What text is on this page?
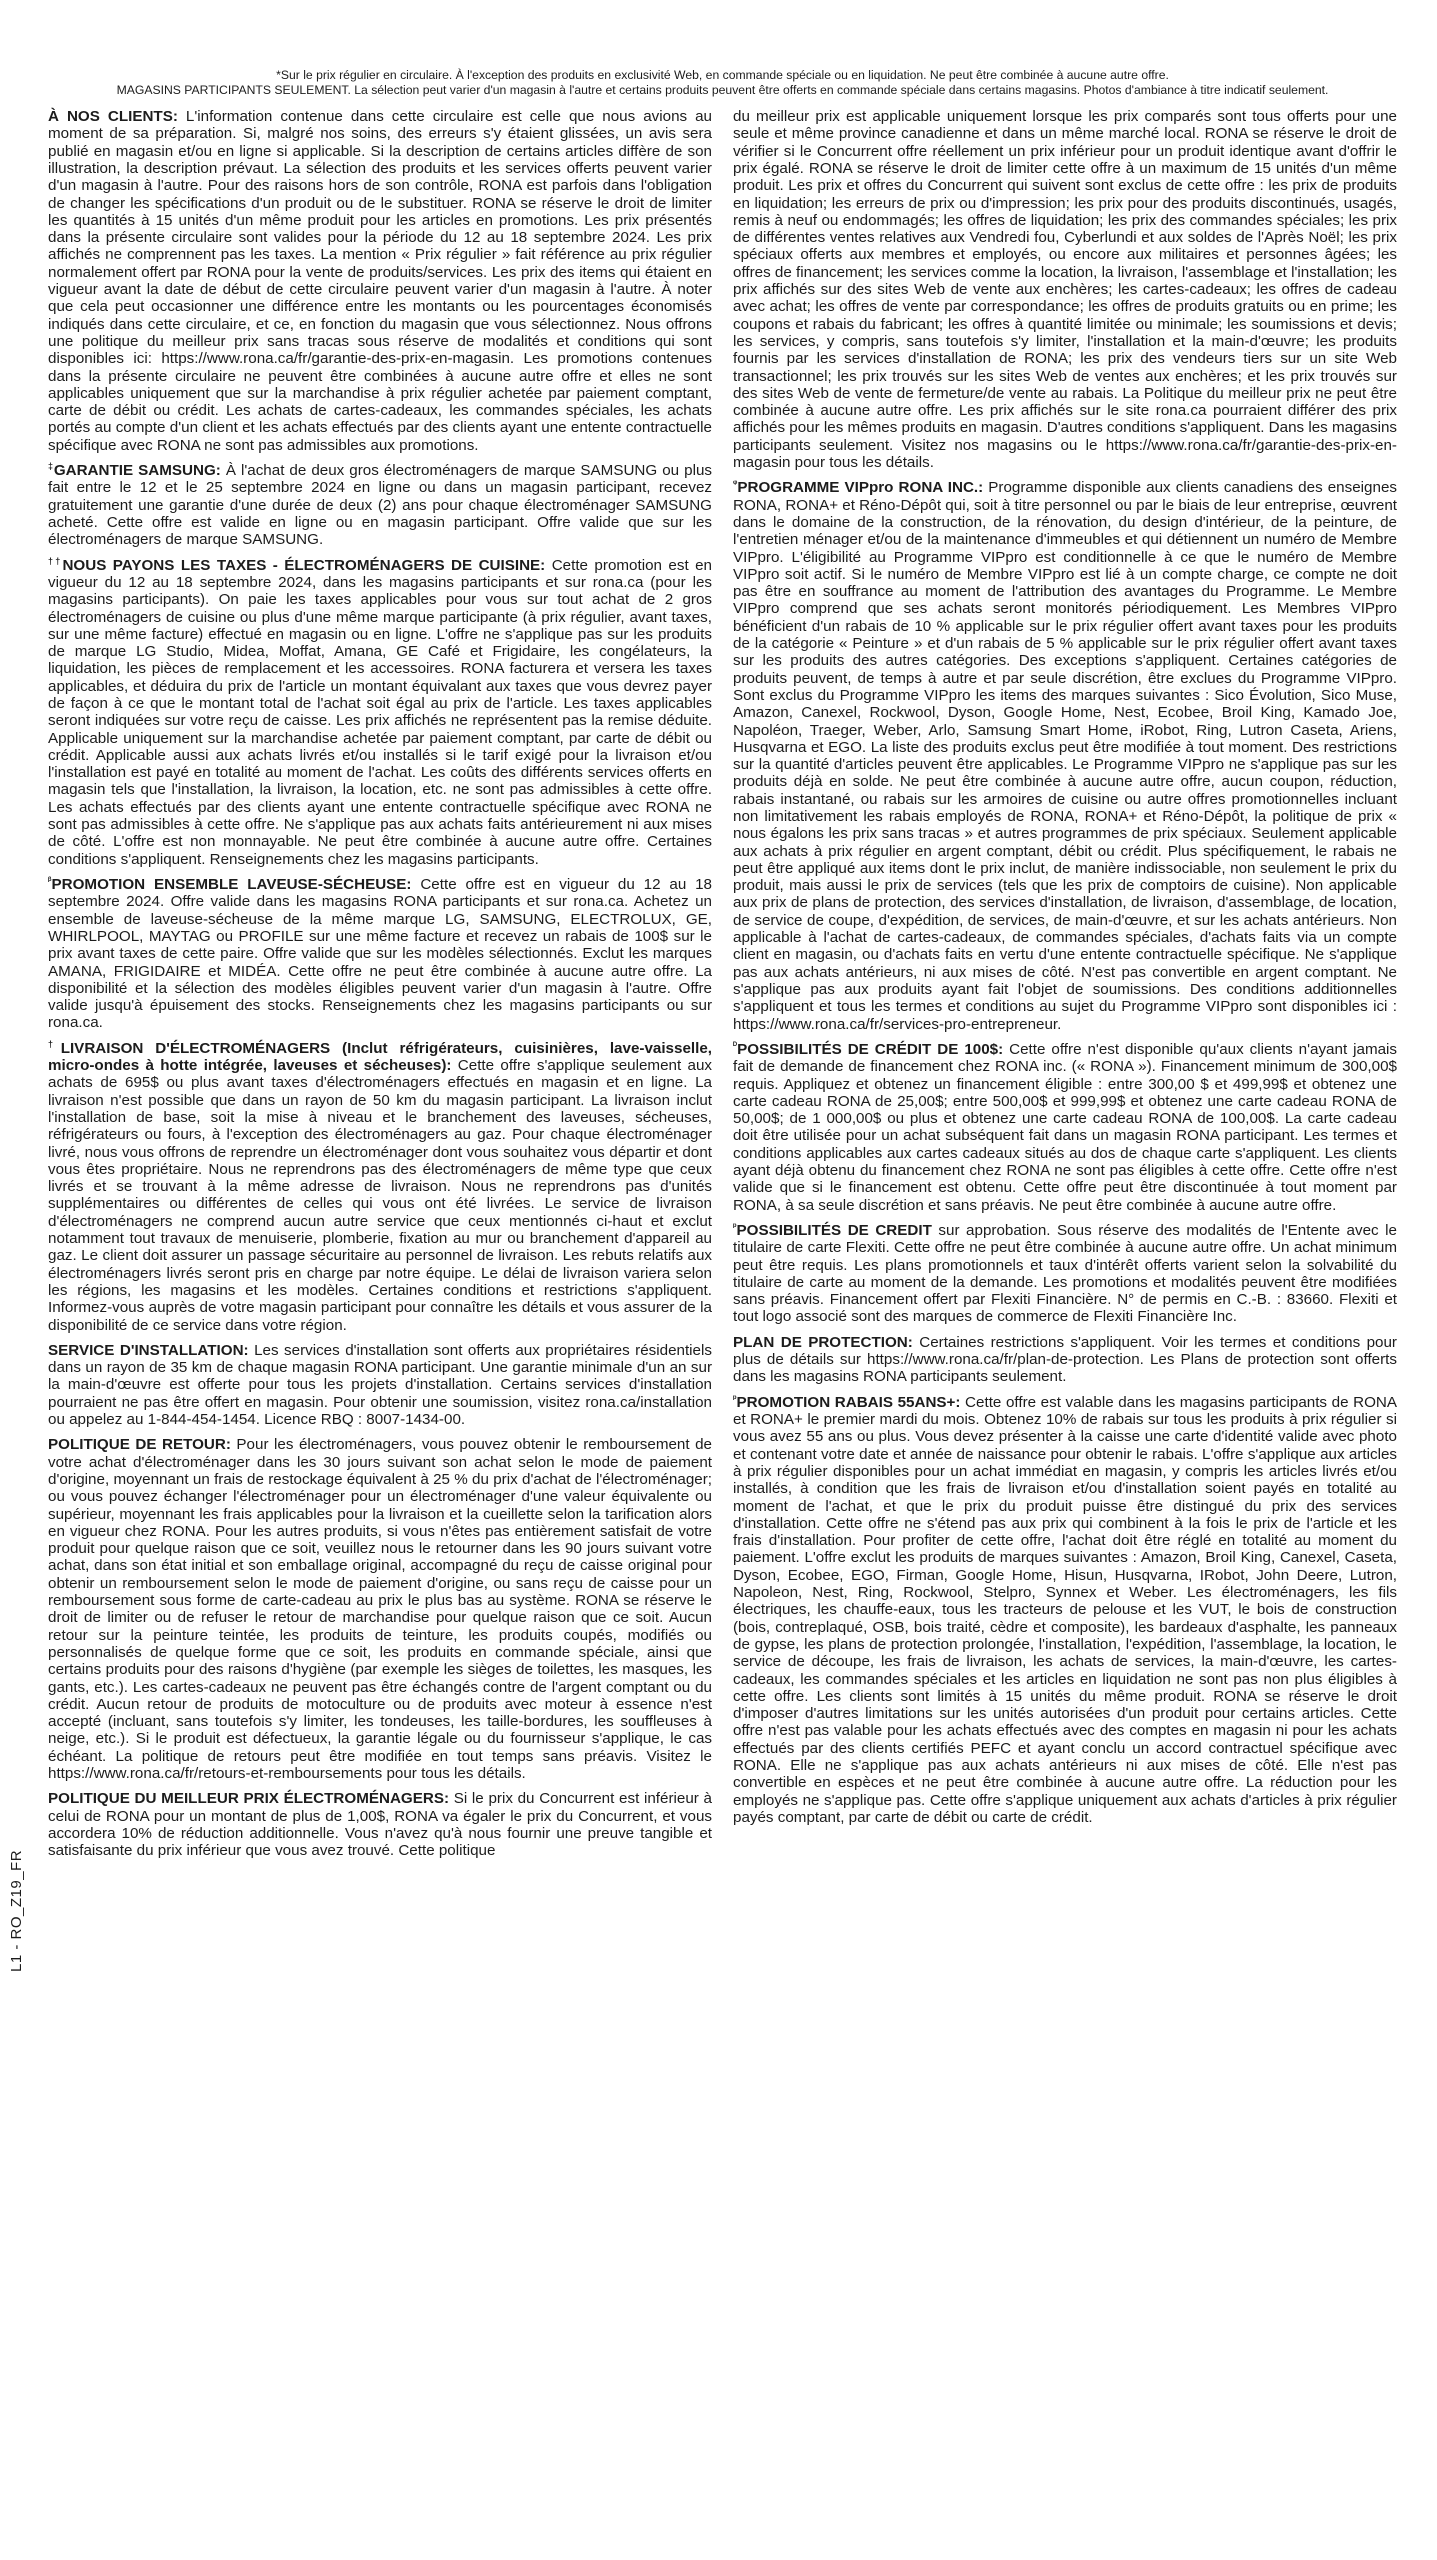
*Sur le prix régulier en circulaire. À l'exception des produits en exclusivité Web, en commande spéciale ou en liquidation. Ne peut être combinée à aucune autre offre.
MAGASINS PARTICIPANTS SEULEMENT. La sélection peut varier d'un magasin à l'autre et certains produits peuvent être offerts en commande spéciale dans certains magasins. Photos d'ambiance à titre indicatif seulement.

À NOS CLIENTS: L'information contenue dans cette circulaire est celle que nous avions au moment de sa préparation. Si, malgré nos soins, des erreurs s'y étaient glissées, un avis sera publié en magasin et/ou en ligne si applicable. Si la description de certains articles diffère de son illustration, la description prévaut. La sélection des produits et les services offerts peuvent varier d'un magasin à l'autre. Pour des raisons hors de son contrôle, RONA est parfois dans l'obligation de changer les spécifications d'un produit ou de le substituer. RONA se réserve le droit de limiter les quantités à 15 unités d'un même produit pour les articles en promotions. Les prix présentés dans la présente circulaire sont valides pour la période du 12 au 18 septembre 2024. Les prix affichés ne comprennent pas les taxes. La mention « Prix régulier » fait référence au prix régulier normalement offert par RONA pour la vente de produits/services. Les prix des items qui étaient en vigueur avant la date de début de cette circulaire peuvent varier d'un magasin à l'autre. À noter que cela peut occasionner une différence entre les montants ou les pourcentages économisés indiqués dans cette circulaire, et ce, en fonction du magasin que vous sélectionnez. Nous offrons une politique du meilleur prix sans tracas sous réserve de modalités et conditions qui sont disponibles ici: https://www.rona.ca/fr/garantie-des-prix-en-magasin. Les promotions contenues dans la présente circulaire ne peuvent être combinées à aucune autre offre et elles ne sont applicables uniquement que sur la marchandise à prix régulier achetée par paiement comptant, carte de débit ou crédit. Les achats de cartes-cadeaux, les commandes spéciales, les achats portés au compte d'un client et les achats effectués par des clients ayant une entente contractuelle spécifique avec RONA ne sont pas admissibles aux promotions.

‡GARANTIE SAMSUNG: À l'achat de deux gros électroménagers de marque SAMSUNG ou plus fait entre le 12 et le 25 septembre 2024 en ligne ou dans un magasin participant, recevez gratuitement une garantie d'une durée de deux (2) ans pour chaque électroménager SAMSUNG acheté. Cette offre est valide en ligne ou en magasin participant. Offre valide que sur les électroménagers de marque SAMSUNG.

††NOUS PAYONS LES TAXES - ÉLECTROMÉNAGERS DE CUISINE: Cette promotion est en vigueur du 12 au 18 septembre 2024, dans les magasins participants et sur rona.ca (pour les magasins participants). On paie les taxes applicables pour vous sur tout achat de 2 gros électroménagers de cuisine ou plus d'une même marque participante (à prix régulier, avant taxes, sur une même facture) effectué en magasin ou en ligne. L'offre ne s'applique pas sur les produits de marque LG Studio, Midea, Moffat, Amana, GE Café et Frigidaire, les congélateurs, la liquidation, les pièces de remplacement et les accessoires. RONA facturera et versera les taxes applicables, et déduira du prix de l'article un montant équivalant aux taxes que vous devrez payer de façon à ce que le montant total de l'achat soit égal au prix de l'article. Les taxes applicables seront indiquées sur votre reçu de caisse. Les prix affichés ne représentent pas la remise déduite. Applicable uniquement sur la marchandise achetée par paiement comptant, par carte de débit ou crédit. Applicable aussi aux achats livrés et/ou installés si le tarif exigé pour la livraison et/ou l'installation est payé en totalité au moment de l'achat. Les coûts des différents services offerts en magasin tels que l'installation, la livraison, la location, etc. ne sont pas admissibles à cette offre. Les achats effectués par des clients ayant une entente contractuelle spécifique avec RONA ne sont pas admissibles à cette offre. Ne s'applique pas aux achats faits antérieurement ni aux mises de côté. L'offre est non monnayable. Ne peut être combinée à aucune autre offre. Certaines conditions s'appliquent. Renseignements chez les magasins participants.

$^ᵝ$PROMOTION ENSEMBLE LAVEUSE-SÉCHEUSE: Cette offre est en vigueur du 12 au 18 septembre 2024. Offre valide dans les magasins RONA participants et sur rona.ca. Achetez un ensemble de laveuse-sécheuse de la même marque LG, SAMSUNG, ELECTROLUX, GE, WHIRLPOOL, MAYTAG ou PROFILE sur une même facture et recevez un rabais de 100$ sur le prix avant taxes de cette paire. Offre valide que sur les modèles sélectionnés. Exclut les marques AMANA, FRIGIDAIRE et MIDÉA. Cette offre ne peut être combinée à aucune autre offre. La disponibilité et la sélection des modèles éligibles peuvent varier d'un magasin à l'autre. Offre valide jusqu'à épuisement des stocks. Renseignements chez les magasins participants ou sur rona.ca.

†LIVRAISON D'ÉLECTROMÉNAGERS (Inclut réfrigérateurs, cuisinières, lave-vaisselle, micro-ondes à hotte intégrée, laveuses et sécheuses): Cette offre s'applique seulement aux achats de 695$ ou plus avant taxes d'électroménagers effectués en magasin et en ligne. La livraison n'est possible que dans un rayon de 50 km du magasin participant. La livraison inclut l'installation de base, soit la mise à niveau et le branchement des laveuses, sécheuses, réfrigérateurs ou fours, à l'exception des électroménagers au gaz. Pour chaque électroménager livré, nous vous offrons de reprendre un électroménager dont vous souhaitez vous départir et dont vous êtes propriétaire. Nous ne reprendrons pas des électroménagers de même type que ceux livrés et se trouvant à la même adresse de livraison. Nous ne reprendrons pas d'unités supplémentaires ou différentes de celles qui vous ont été livrées. Le service de livraison d'électroménagers ne comprend aucun autre service que ceux mentionnés ci-haut et exclut notamment tout travaux de menuiserie, plomberie, fixation au mur ou branchement d'appareil au gaz. Le client doit assurer un passage sécuritaire au personnel de livraison. Les rebuts relatifs aux électroménagers livrés seront pris en charge par notre équipe. Le délai de livraison variera selon les régions, les magasins et les modèles. Certaines conditions et restrictions s'appliquent. Informez-vous auprès de votre magasin participant pour connaître les détails et vous assurer de la disponibilité de ce service dans votre région.

SERVICE D'INSTALLATION: Les services d'installation sont offerts aux propriétaires résidentiels dans un rayon de 35 km de chaque magasin RONA participant. Une garantie minimale d'un an sur la main-d'œuvre est offerte pour tous les projets d'installation. Certains services d'installation pourraient ne pas être offert en magasin. Pour obtenir une soumission, visitez rona.ca/installation ou appelez au 1-844-454-1454. Licence RBQ : 8007-1434-00.

POLITIQUE DE RETOUR: Pour les électroménagers, vous pouvez obtenir le remboursement de votre achat d'électroménager dans les 30 jours suivant son achat selon le mode de paiement d'origine, moyennant un frais de restockage équivalent à 25 % du prix d'achat de l'électroménager; ou vous pouvez échanger l'électroménager pour un électroménager d'une valeur équivalente ou supérieur, moyennant les frais applicables pour la livraison et la cueillette selon la tarification alors en vigueur chez RONA. Pour les autres produits, si vous n'êtes pas entièrement satisfait de votre produit pour quelque raison que ce soit, veuillez nous le retourner dans les 90 jours suivant votre achat, dans son état initial et son emballage original, accompagné du reçu de caisse original pour obtenir un remboursement selon le mode de paiement d'origine, ou sans reçu de caisse pour un remboursement sous forme de carte-cadeau au prix le plus bas au système. RONA se réserve le droit de limiter ou de refuser le retour de marchandise pour quelque raison que ce soit. Aucun retour sur la peinture teintée, les produits de teinture, les produits coupés, modifiés ou personnalisés de quelque forme que ce soit, les produits en commande spéciale, ainsi que certains produits pour des raisons d'hygiène (par exemple les sièges de toilettes, les masques, les gants, etc.). Les cartes-cadeaux ne peuvent pas être échangés contre de l'argent comptant ou du crédit. Aucun retour de produits de motoculture ou de produits avec moteur à essence n'est accepté (incluant, sans toutefois s'y limiter, les tondeuses, les taille-bordures, les souffleuses à neige, etc.). Si le produit est défectueux, la garantie légale ou du fournisseur s'applique, le cas échéant. La politique de retours peut être modifiée en tout temps sans préavis. Visitez le https://www.rona.ca/fr/retours-et-remboursements pour tous les détails.

POLITIQUE DU MEILLEUR PRIX ÉLECTROMÉNAGERS: Si le prix du Concurrent est inférieur à celui de RONA pour un montant de plus de 1,00$, RONA va égaler le prix du Concurrent, et vous accordera 10% de réduction additionnelle. Vous n'avez qu'à nous fournir une preuve tangible et satisfaisante du prix inférieur que vous avez trouvé. Cette politique

du meilleur prix est applicable uniquement lorsque les prix comparés sont tous offerts pour une seule et même province canadienne et dans un même marché local. RONA se réserve le droit de vérifier si le Concurrent offre réellement un prix inférieur pour un produit identique avant d'offrir le prix égalé. RONA se réserve le droit de limiter cette offre à un maximum de 15 unités d'un même produit. Les prix et offres du Concurrent qui suivent sont exclus de cette offre : les prix de produits en liquidation; les erreurs de prix ou d'impression; les prix pour des produits discontinués, usagés, remis à neuf ou endommagés; les offres de liquidation; les prix des commandes spéciales; les prix de différentes ventes relatives aux Vendredi fou, Cyberlundi et aux soldes de l'Après Noël; les prix spéciaux offerts aux membres et employés, ou encore aux militaires et personnes âgées; les offres de financement; les services comme la location, la livraison, l'assemblage et l'installation; les prix affichés sur des sites Web de vente aux enchères; les cartes-cadeaux; les offres de cadeau avec achat; les offres de vente par correspondance; les offres de produits gratuits ou en prime; les coupons et rabais du fabricant; les offres à quantité limitée ou minimale; les soumissions et devis; les services, y compris, sans toutefois s'y limiter, l'installation et la main-d'œuvre; les produits fournis par les services d'installation de RONA; les prix des vendeurs tiers sur un site Web transactionnel; les prix trouvés sur les sites Web de ventes aux enchères; et les prix trouvés sur des sites Web de vente de fermeture/de vente au rabais. La Politique du meilleur prix ne peut être combinée à aucune autre offre. Les prix affichés sur le site rona.ca pourraient différer des prix affichés pour les mêmes produits en magasin. D'autres conditions s'appliquent. Dans les magasins participants seulement. Visitez nos magasins ou le https://www.rona.ca/fr/garantie-des-prix-en-magasin pour tous les détails.

$^ᵠ$PROGRAMME VIPpro RONA INC.: Programme disponible aux clients canadiens des enseignes RONA, RONA+ et Réno-Dépôt qui, soit à titre personnel ou par le biais de leur entreprise, œuvrent dans le domaine de la construction, de la rénovation, du design d'intérieur, de la peinture, de l'entretien ménager et/ou de la maintenance d'immeubles et qui détiennent un numéro de Membre VIPpro. L'éligibilité au Programme VIPpro est conditionnelle à ce que le numéro de Membre VIPpro soit actif. Si le numéro de Membre VIPpro est lié à un compte charge, ce compte ne doit pas être en souffrance au moment de l'attribution des avantages du Programme. Le Membre VIPpro comprend que ses achats seront monitorés périodiquement. Les Membres VIPpro bénéficient d'un rabais de 10 % applicable sur le prix régulier offert avant taxes pour les produits de la catégorie « Peinture » et d'un rabais de 5 % applicable sur le prix régulier offert avant taxes sur les produits des autres catégories. Des exceptions s'appliquent. Certaines catégories de produits peuvent, de temps à autre et par seule discrétion, être exclues du Programme VIPpro. Sont exclus du Programme VIPpro les items des marques suivantes : Sico Évolution, Sico Muse, Amazon, Canexel, Rockwool, Dyson, Google Home, Nest, Ecobee, Broil King, Kamado Joe, Napoléon, Traeger, Weber, Arlo, Samsung Smart Home, iRobot, Ring, Lutron Caseta, Ariens, Husqvarna et EGO. La liste des produits exclus peut être modifiée à tout moment. Des restrictions sur la quantité d'articles peuvent être applicables. Le Programme VIPpro ne s'applique pas sur les produits déjà en solde. Ne peut être combinée à aucune autre offre, aucun coupon, réduction, rabais instantané, ou rabais sur les armoires de cuisine ou autre offres promotionnelles incluant non limitativement les rabais employés de RONA, RONA+ et Réno-Dépôt, la politique de prix « nous égalons les prix sans tracas » et autres programmes de prix spéciaux. Seulement applicable aux achats à prix régulier en argent comptant, débit ou crédit. Plus spécifiquement, le rabais ne peut être appliqué aux items dont le prix inclut, de manière indissociable, non seulement le prix du produit, mais aussi le prix de services (tels que les prix de comptoirs de cuisine). Non applicable aux prix de plans de protection, des services d'installation, de livraison, d'assemblage, de location, de service de coupe, d'expédition, de services, de main-d'œuvre, et sur les achats antérieurs. Non applicable à l'achat de cartes-cadeaux, de commandes spéciales, d'achats faits via un compte client en magasin, ou d'achats faits en vertu d'une entente contractuelle spécifique. Ne s'applique pas aux achats antérieurs, ni aux mises de côté. N'est pas convertible en argent comptant. Ne s'applique pas aux produits ayant fait l'objet de soumissions. Des conditions additionnelles s'appliquent et tous les termes et conditions au sujet du Programme VIPpro sont disponibles ici : https://www.rona.ca/fr/services-pro-entrepreneur.

$^ᴰ$POSSIBILITÉS DE CRÉDIT DE 100$: Cette offre n'est disponible qu'aux clients n'ayant jamais fait de demande de financement chez RONA inc. (« RONA »). Financement minimum de 300,00$ requis. Appliquez et obtenez un financement éligible : entre 300,00 $ et 499,99$ et obtenez une carte cadeau RONA de 25,00$; entre 500,00$ et 999,99$ et obtenez une carte cadeau RONA de 50,00$; de 1 000,00$ ou plus et obtenez une carte cadeau RONA de 100,00$. La carte cadeau doit être utilisée pour un achat subséquent fait dans un magasin RONA participant. Les termes et conditions applicables aux cartes cadeaux situés au dos de chaque carte s'appliquent. Les clients ayant déjà obtenu du financement chez RONA ne sont pas éligibles à cette offre. Cette offre n'est valide que si le financement est obtenu. Cette offre peut être discontinuée à tout moment par RONA, à sa seule discrétion et sans préavis. Ne peut être combinée à aucune autre offre.

$^ᵖ$POSSIBILITÉS DE CREDIT sur approbation. Sous réserve des modalités de l'Entente avec le titulaire de carte Flexiti. Cette offre ne peut être combinée à aucune autre offre. Un achat minimum peut être requis. Les plans promotionnels et taux d'intérêt offerts varient selon la solvabilité du titulaire de carte au moment de la demande. Les promotions et modalités peuvent être modifiées sans préavis. Financement offert par Flexiti Financière. N° de permis en C.-B. : 83660. Flexiti et tout logo associé sont des marques de commerce de Flexiti Financière Inc.

PLAN DE PROTECTION: Certaines restrictions s'appliquent. Voir les termes et conditions pour plus de détails sur https://www.rona.ca/fr/plan-de-protection. Les Plans de protection sont offerts dans les magasins RONA participants seulement.

$^ᵖ$PROMOTION RABAIS 55ANS+: Cette offre est valable dans les magasins participants de RONA et RONA+ le premier mardi du mois. Obtenez 10% de rabais sur tous les produits à prix régulier si vous avez 55 ans ou plus. Vous devez présenter à la caisse une carte d'identité valide avec photo et contenant votre date et année de naissance pour obtenir le rabais. L'offre s'applique aux articles à prix régulier disponibles pour un achat immédiat en magasin, y compris les articles livrés et/ou installés, à condition que les frais de livraison et/ou d'installation soient payés en totalité au moment de l'achat, et que le prix du produit puisse être distingué du prix des services d'installation. Cette offre ne s'étend pas aux prix qui combinent à la fois le prix de l'article et les frais d'installation. Pour profiter de cette offre, l'achat doit être réglé en totalité au moment du paiement. L'offre exclut les produits de marques suivantes : Amazon, Broil King, Canexel, Caseta, Dyson, Ecobee, EGO, Firman, Google Home, Hisun, Husqvarna, IRobot, John Deere, Lutron, Napoleon, Nest, Ring, Rockwool, Stelpro, Synnex et Weber. Les électroménagers, les fils électriques, les chauffe-eaux, tous les tracteurs de pelouse et les VUT, le bois de construction (bois, contreplaqué, OSB, bois traité, cèdre et composite), les bardeaux d'asphalte, les panneaux de gypse, les plans de protection prolongée, l'installation, l'expédition, l'assemblage, la location, le service de découpe, les frais de livraison, les achats de services, la main-d'œuvre, les cartes-cadeaux, les commandes spéciales et les articles en liquidation ne sont pas non plus éligibles à cette offre. Les clients sont limités à 15 unités du même produit. RONA se réserve le droit d'imposer d'autres limitations sur les unités autorisées d'un produit pour certains articles. Cette offre n'est pas valable pour les achats effectués avec des comptes en magasin ni pour les achats effectués par des clients certifiés PEFC et ayant conclu un accord contractuel spécifique avec RONA. Elle ne s'applique pas aux achats antérieurs ni aux mises de côté. Elle n'est pas convertible en espèces et ne peut être combinée à aucune autre offre. La réduction pour les employés ne s'applique pas. Cette offre s'applique uniquement aux achats d'articles à prix régulier payés comptant, par carte de débit ou carte de crédit.

L1 - RO_Z19_FR
